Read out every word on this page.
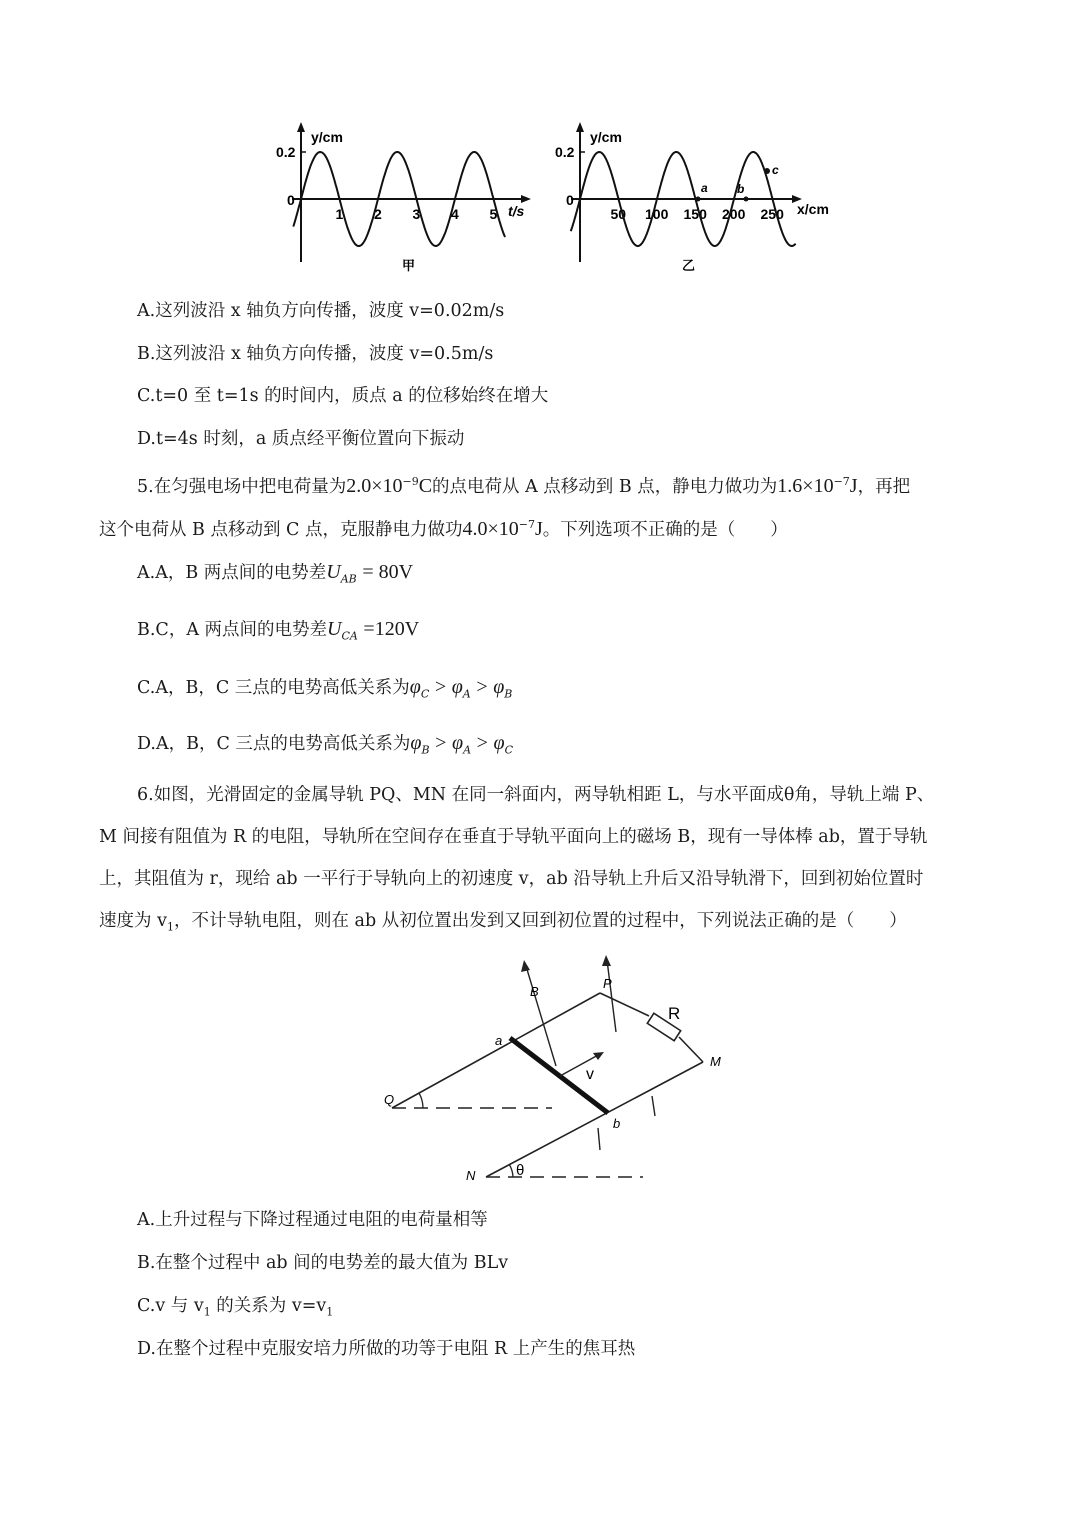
y/cm
0.2
0
t/s
1 2 3 4 5
甲
y/cm
0.2
0
x/cm
50 100 150 200 250
a b
c
乙
A.这列波沿 x 轴负方向传播，波度 v=0.02m/s
B.这列波沿 x 轴负方向传播，波度 v=0.5m/s
C.t=0 至 t=1s 的时间内，质点 a 的位移始终在增大
D.t=4s 时刻，a 质点经平衡位置向下振动
5.在匀强电场中把电荷量为$2.0\times 10^{-9}C$的点电荷从 A 点移动到 B 点，静电力做功为$1.6\times 10^{-7}J$，再把
这个电荷从 B 点移动到 C 点，克服静电力做功$4.0\times 10^{-7}J$。下列选项不正确的是（　　）
A.A，B 两点间的电势差$U_{AB} = 80V$
B.C，A 两点间的电势差$U_{CA} =120V$
C.A，B，C 三点的电势高低关系为$\varphi_C > \varphi_A > \varphi_B$
D.A，B，C 三点的电势高低关系为$\varphi_B > \varphi_A > \varphi_C$
6.如图，光滑固定的金属导轨 PQ、MN 在同一斜面内，两导轨相距 L，与水平面成θ角，导轨上端 P、
M 间接有阻值为 R 的电阻，导轨所在空间存在垂直于导轨平面向上的磁场 B，现有一导体棒 ab，置于导轨
上，其阻值为 r，现给 ab 一平行于导轨向上的初速度 v，ab 沿导轨上升后又沿导轨滑下，回到初始位置时
速度为 $v_1$，不计导轨电阻，则在 ab 从初位置出发到又回到初位置的过程中，下列说法正确的是（　　）
B
P
R
M
a
v
Q
b
N	θ
A.上升过程与下降过程通过电阻的电荷量相等
B.在整个过程中 ab 间的电势差的最大值为 BLv
C.v 与 $v_1$ 的关系为 $v=v_1$
D.在整个过程中克服安培力所做的功等于电阻 R 上产生的焦耳热
